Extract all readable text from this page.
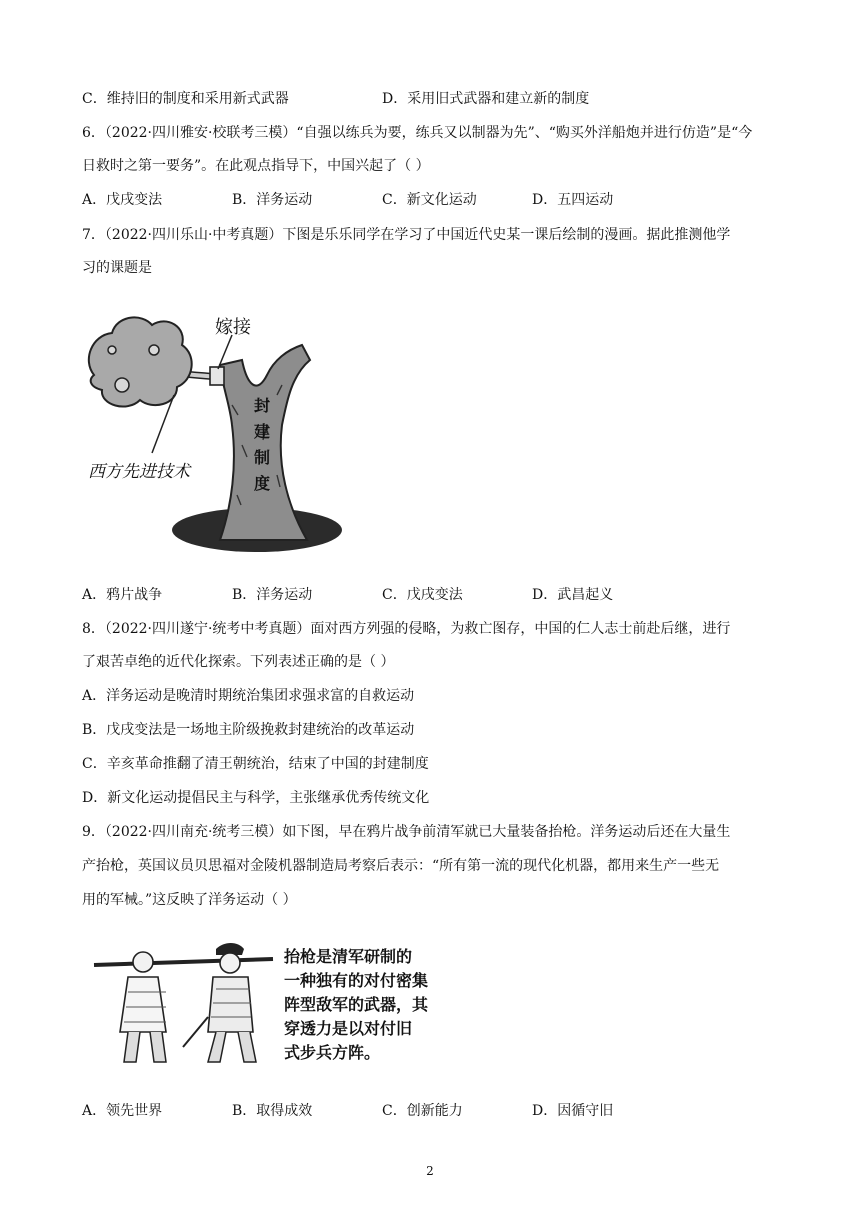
C．维持旧的制度和采用新式武器	D．采用旧式武器和建立新的制度
6．（2022·四川雅安·校联考三模）“自强以练兵为要，练兵又以制器为先”、“购买外洋船炮并进行仿造”是“今
日救时之第一要务”。在此观点指导下，中国兴起了（ ）
A．戊戌变法	B．洋务运动	C．新文化运动	D．五四运动
7．（2022·四川乐山·中考真题）下图是乐乐同学在学习了中国近代史某一课后绘制的漫画。据此推测他学
习的课题是
嫁接
封
建
制
度
西方先进技术
A．鸦片战争	B．洋务运动	C．戊戌变法	D．武昌起义
8．（2022·四川遂宁·统考中考真题）面对西方列强的侵略，为救亡图存，中国的仁人志士前赴后继，进行
了艰苦卓绝的近代化探索。下列表述正确的是（ ）
A．洋务运动是晚清时期统治集团求强求富的自救运动
B．戊戌变法是一场地主阶级挽救封建统治的改革运动
C．辛亥革命推翻了清王朝统治，结束了中国的封建制度
D．新文化运动提倡民主与科学，主张继承优秀传统文化
9．（2022·四川南充·统考三模）如下图，早在鸦片战争前清军就已大量装备抬枪。洋务运动后还在大量生
产抬枪，英国议员贝思福对金陵机器制造局考察后表示：“所有第一流的现代化机器，都用来生产一些无
用的军械。”这反映了洋务运动（ ）
抬枪是清军研制的
一种独有的对付密集
阵型敌军的武器，其
穿透力是以对付旧
式步兵方阵。
A．领先世界	B．取得成效	C．创新能力	D．因循守旧
2
